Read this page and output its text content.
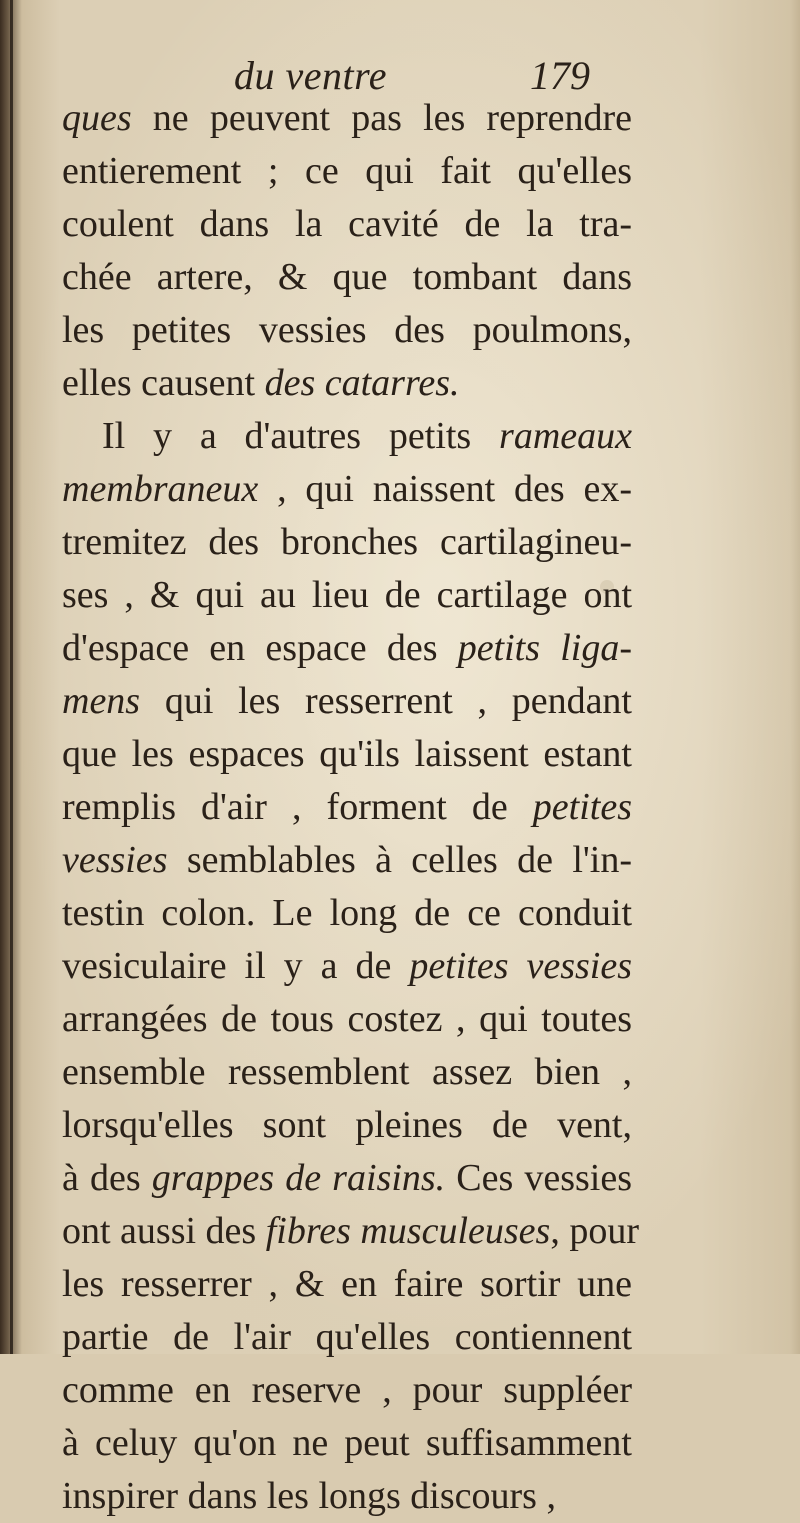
du ventre	179
ques ne peuvent pas les reprendre
entierement ; ce qui fait qu'elles
coulent dans la cavité de la tra-
chée artere, & que tombant dans
les petites vessies des poulmons,
elles causent des catarres.
Il y a d'autres petits rameaux
membraneux , qui naissent des ex-
tremitez des bronches cartilagineu-
ses , & qui au lieu de cartilage ont
d'espace en espace des petits liga-
mens qui les resserrent , pendant
que les espaces qu'ils laissent estant
remplis d'air , forment de petites
vessies semblables à celles de l'in-
testin colon. Le long de ce conduit
vesiculaire il y a de petites vessies
arrangées de tous costez , qui toutes
ensemble ressemblent assez bien ,
lorsqu'elles sont pleines de vent,
à des grappes de raisins. Ces vessies
ont aussi des fibres musculeuses, pour
les resserrer , & en faire sortir une
partie de l'air qu'elles contiennent
comme en reserve , pour suppléer
à celuy qu'on ne peut suffisamment
inspirer dans les longs discours ,
